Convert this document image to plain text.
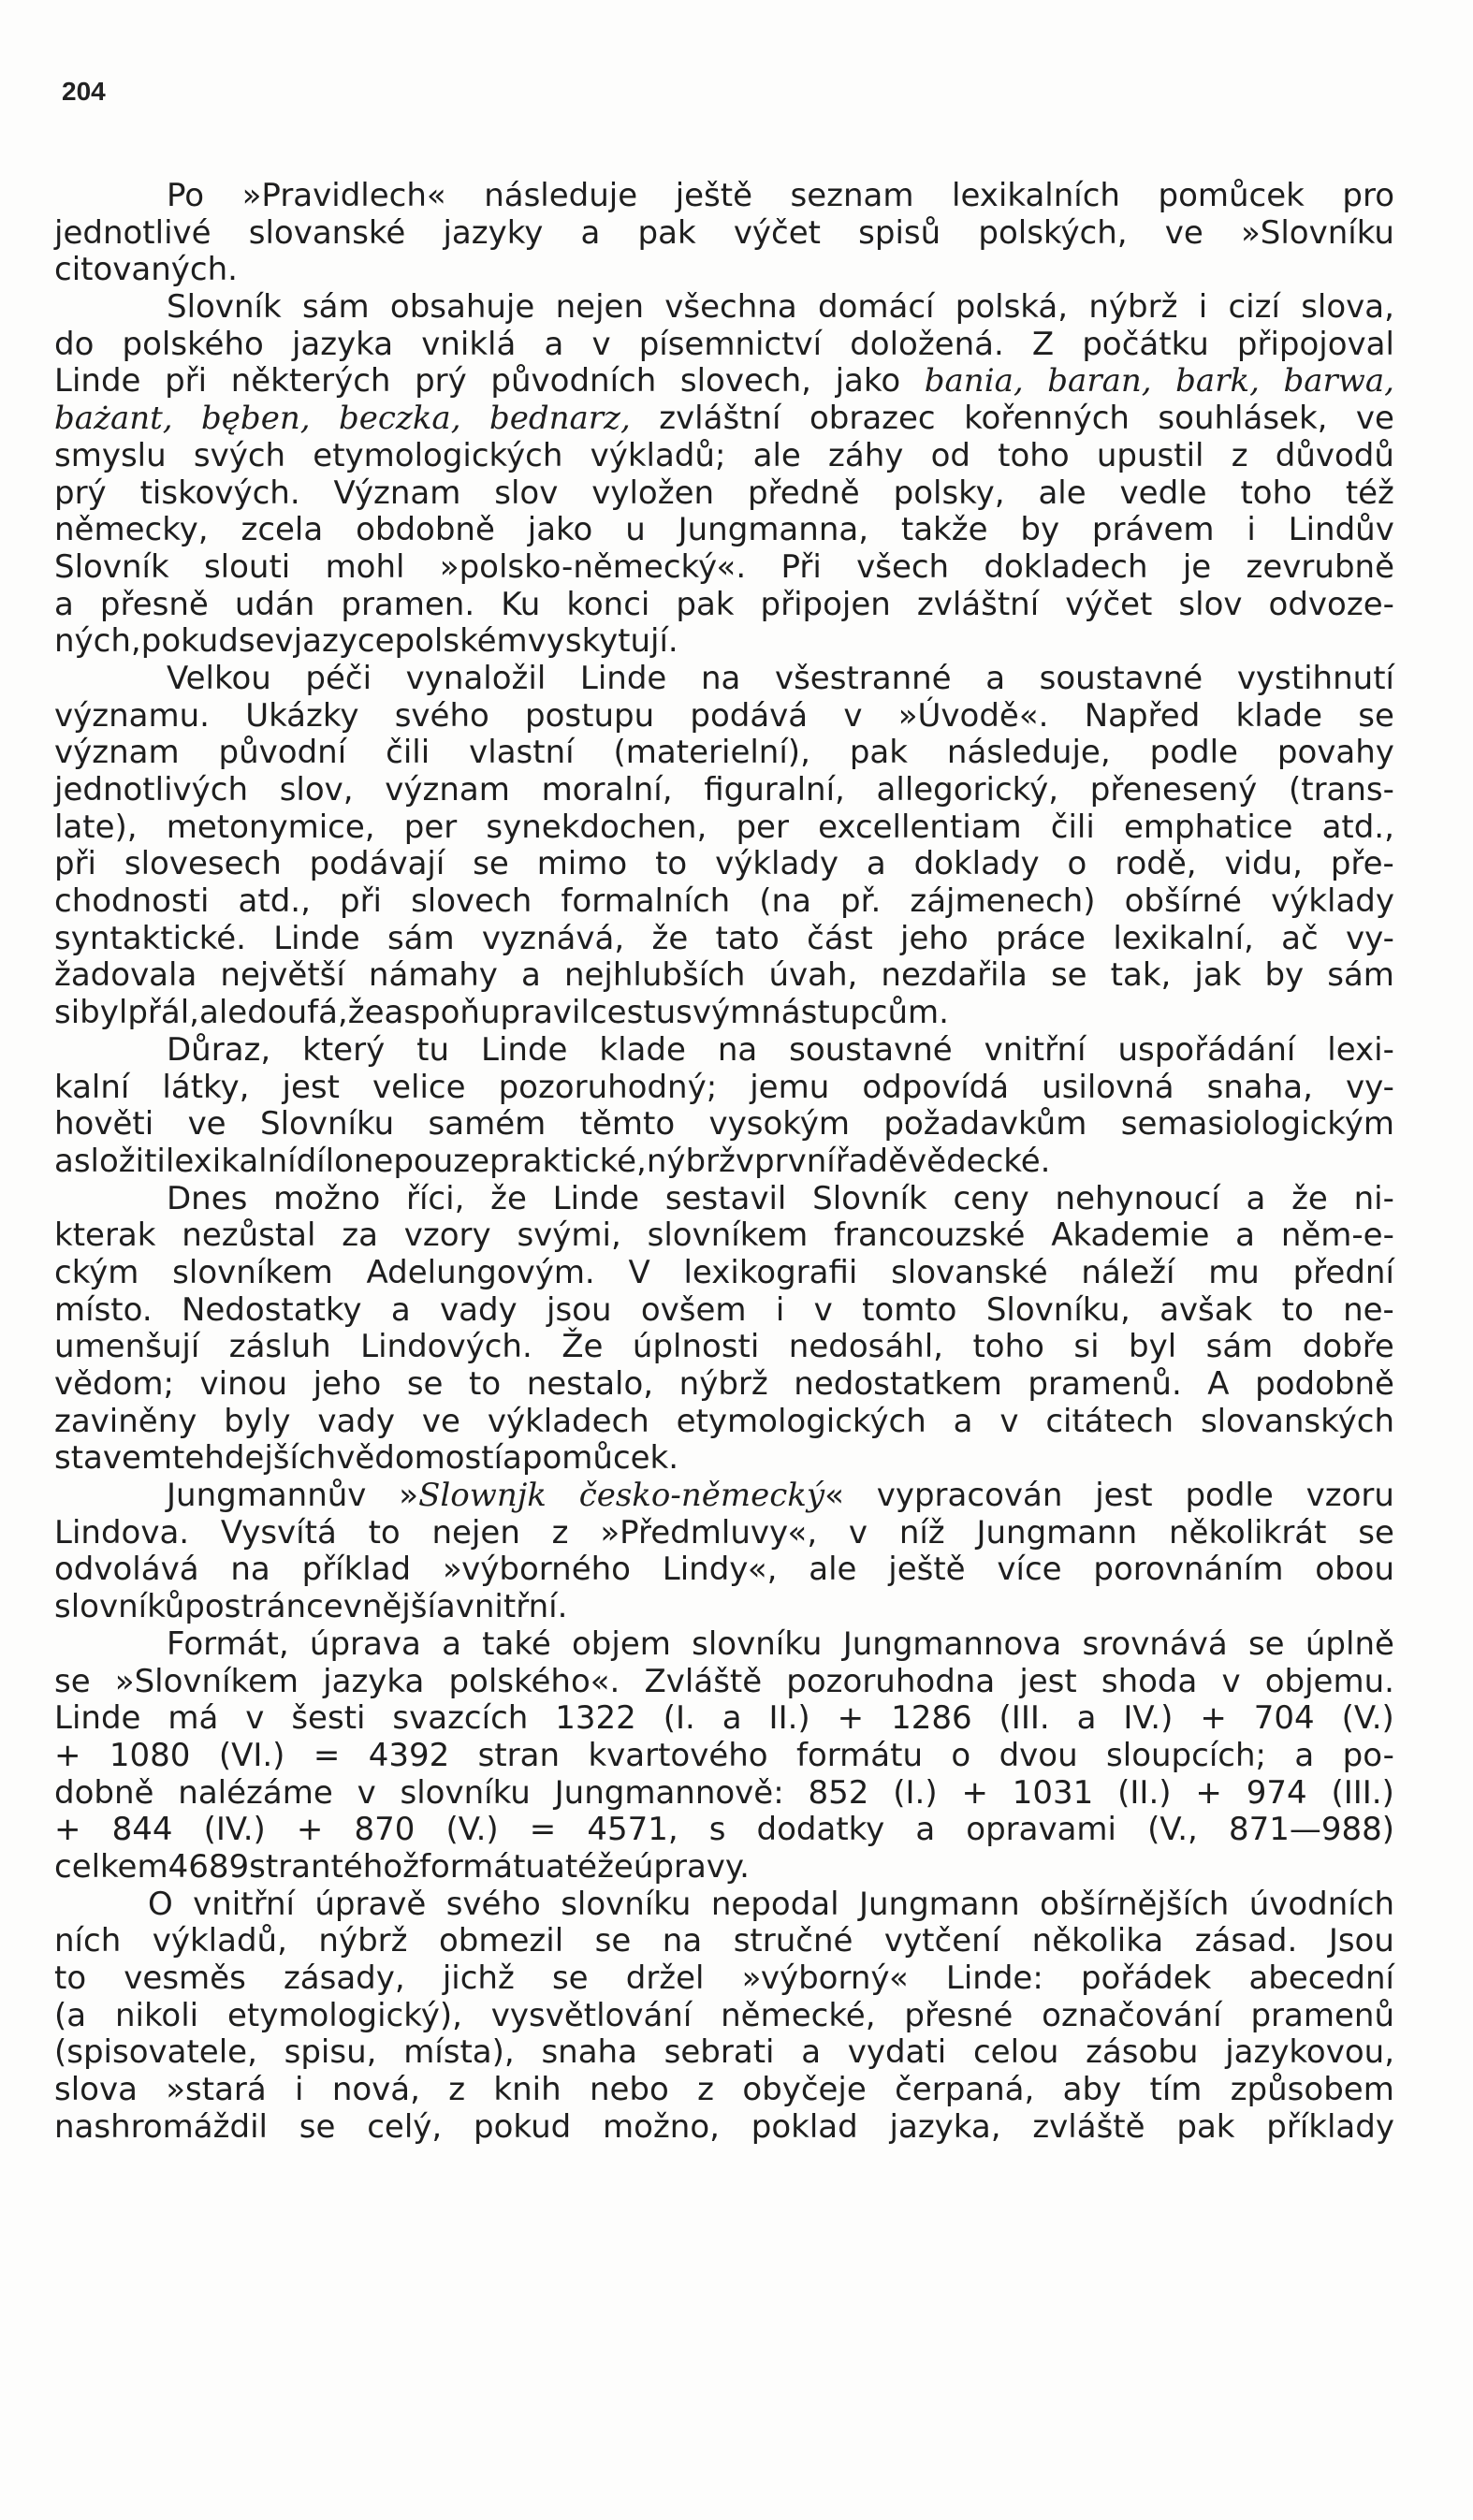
204
Po »Pravidlech« následuje ještě seznam lexikalních pomůcek pro
jednotlivé slovanské jazyky a pak výčet spisů polských, ve »Slovníku
citovaných.
Slovník sám obsahuje nejen všechna domácí polská, nýbrž i cizí slova,
do polského jazyka vniklá a v písemnictví doložená. Z počátku připojoval
Linde při některých prý původních slovech, jako bania, baran, bark, barwa,
bażant, bęben, beczka, bednarz, zvláštní obrazec kořenných souhlásek, ve
smyslu svých etymologických výkladů; ale záhy od toho upustil z důvodů
prý tiskových. Význam slov vyložen předně polsky, ale vedle toho též
německy, zcela obdobně jako u Jungmanna, takže by právem i Lindův
Slovník slouti mohl »polsko-německý«. Při všech dokladech je zevrubně
a přesně udán pramen. Ku konci pak připojen zvláštní výčet slov odvoze-
ných, pokud se v jazyce polském vyskytují.
Velkou péči vynaložil Linde na všestranné a soustavné vystihnutí
významu. Ukázky svého postupu podává v »Úvodě«. Napřed klade se
význam původní čili vlastní (materielní), pak následuje, podle povahy
jednotlivých slov, význam moralní, figuralní, allegorický, přenesený (trans-
late), metonymice, per synekdochen, per excellentiam čili emphatice atd.,
při slovesech podávají se mimo to výklady a doklady o rodě, vidu, pře-
chodnosti atd., při slovech formalních (na př. zájmenech) obšírné výklady
syntaktické. Linde sám vyznává, že tato část jeho práce lexikalní, ač vy-
žadovala největší námahy a nejhlubších úvah, nezdařila se tak, jak by sám
si byl přál, ale doufá, že aspoň upravil cestu svým nástupcům.
Důraz, který tu Linde klade na soustavné vnitřní uspořádání lexi-
kalní látky, jest velice pozoruhodný; jemu odpovídá usilovná snaha, vy-
hověti ve Slovníku samém těmto vysokým požadavkům semasiologickým
a složiti lexikalní dílo ne pouze praktické, nýbrž v první řadě vědecké.
Dnes možno říci, že Linde sestavil Slovník ceny nehynoucí a že ni-
kterak nezůstal za vzory svými, slovníkem francouzské Akademie a něm-e-
ckým slovníkem Adelungovým. V lexikografii slovanské náleží mu přední
místo. Nedostatky a vady jsou ovšem i v tomto Slovníku, avšak to ne-
umenšují zásluh Lindových. Že úplnosti nedosáhl, toho si byl sám dobře
vědom; vinou jeho se to nestalo, nýbrž nedostatkem pramenů. A podobně
zaviněny byly vady ve výkladech etymologických a v citátech slovanských
stavem tehdejších vědomostí a pomůcek.
Jungmannův »Slownjk česko-německý« vypracován jest podle vzoru
Lindova. Vysvítá to nejen z »Předmluvy«, v níž Jungmann několikrát se
odvolává na příklad »výborného Lindy«, ale ještě více porovnáním obou
slovníků po stránce vnější a vnitřní.
Formát, úprava a také objem slovníku Jungmannova srovnává se úplně
se »Slovníkem jazyka polského«. Zvláště pozoruhodna jest shoda v objemu.
Linde má v šesti svazcích 1322 (I. a II.) + 1286 (III. a IV.) + 704 (V.)
+ 1080 (VI.) = 4392 stran kvartového formátu o dvou sloupcích; a po-
dobně nalézáme v slovníku Jungmannově: 852 (I.) + 1031 (II.) + 974 (III.)
+ 844 (IV.) + 870 (V.) = 4571, s dodatky a opravami (V., 871—988)
celkem 4689 stran téhož formátu a téže úpravy.
O vnitřní úpravě svého slovníku nepodal Jungmann obšírnějších úvodních
ních výkladů, nýbrž obmezil se na stručné vytčení několika zásad. Jsou
to vesměs zásady, jichž se držel »výborný« Linde: pořádek abecední
(a nikoli etymologický), vysvětlování německé, přesné označování pramenů
(spisovatele, spisu, místa), snaha sebrati a vydati celou zásobu jazykovou,
slova »stará i nová, z knih nebo z obyčeje čerpaná, aby tím způsobem
nashromáždil se celý, pokud možno, poklad jazyka, zvláště pak příklady
